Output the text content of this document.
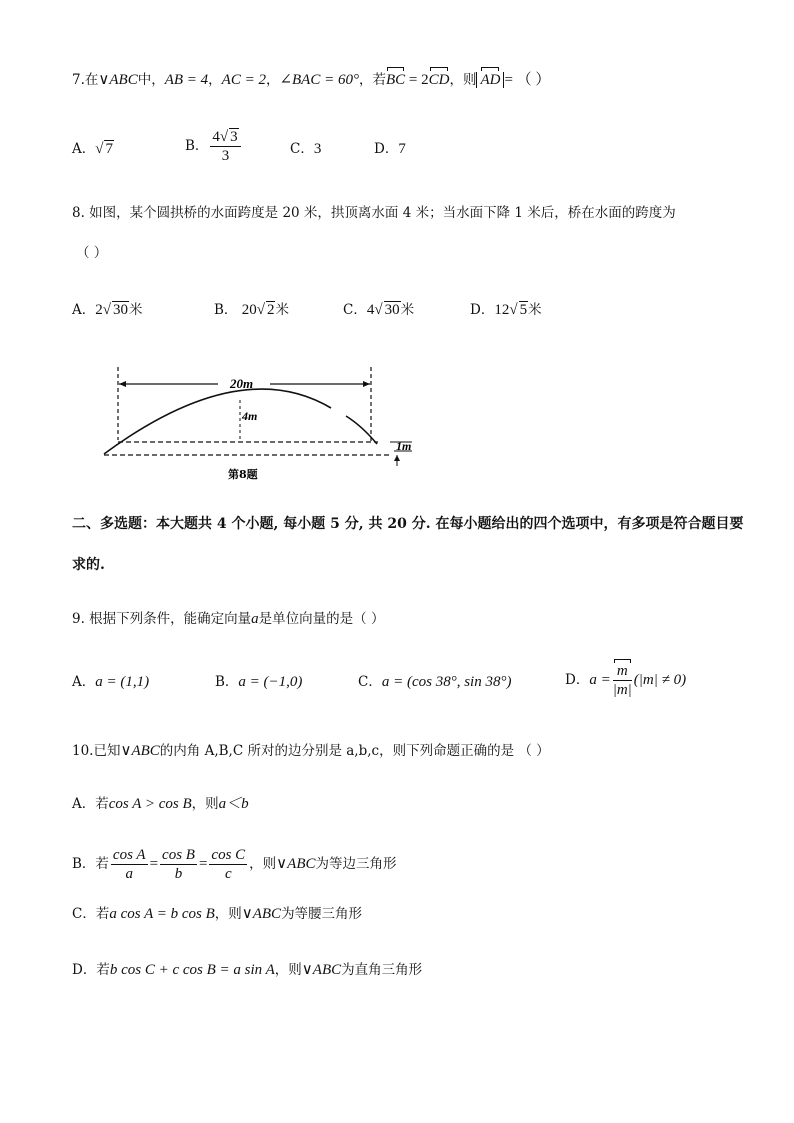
7.在∨ABC中，AB = 4，AC = 2，∠BAC = 60°，若BC = 2CD，则 AD = （ ）
A．√ 7	B． $\frac{4√ 3}{3}$	C．3	D．7
8. 如图，某个圆拱桥的水面跨度是 20 米，拱顶离水面 4 米；当水面下降 1 米后，桥在水面的跨度为
（ ）
A．2√ 30米	B． 20√ 2米	C．4√ 30米	D．12√ 5米
20m
4m
1m
第8题
二、多选题：本大题共 4 个小题, 每小题 5 分, 共 20 分. 在每小题给出的四个选项中，有多项是符合题目要
求的.
9. 根据下列条件，能确定向量a是单位向量的是（ ）
A．a = (1,1)	B．a = (−1,0)	C．a = (cos 38°, sin 38°)	D．$a = \frac{m}{|m|} (|m| \ne 0)$
10.已知∨ABC的内角 A,B,C 所对的边分别是 a,b,c，则下列命题正确的是 （ ）
A．若cos A > cos B，则a＜b
B．若 $\frac{\text{cos A}}{a} = \frac{\text{cos B}}{b} = \frac{\text{cos C}}{c}$ ，则∨ABC为等边三角形
C．若a cos A = b cos B，则∨ABC为等腰三角形
D．若b cos C + c cos B = a sin A，则∨ABC为直角三角形
